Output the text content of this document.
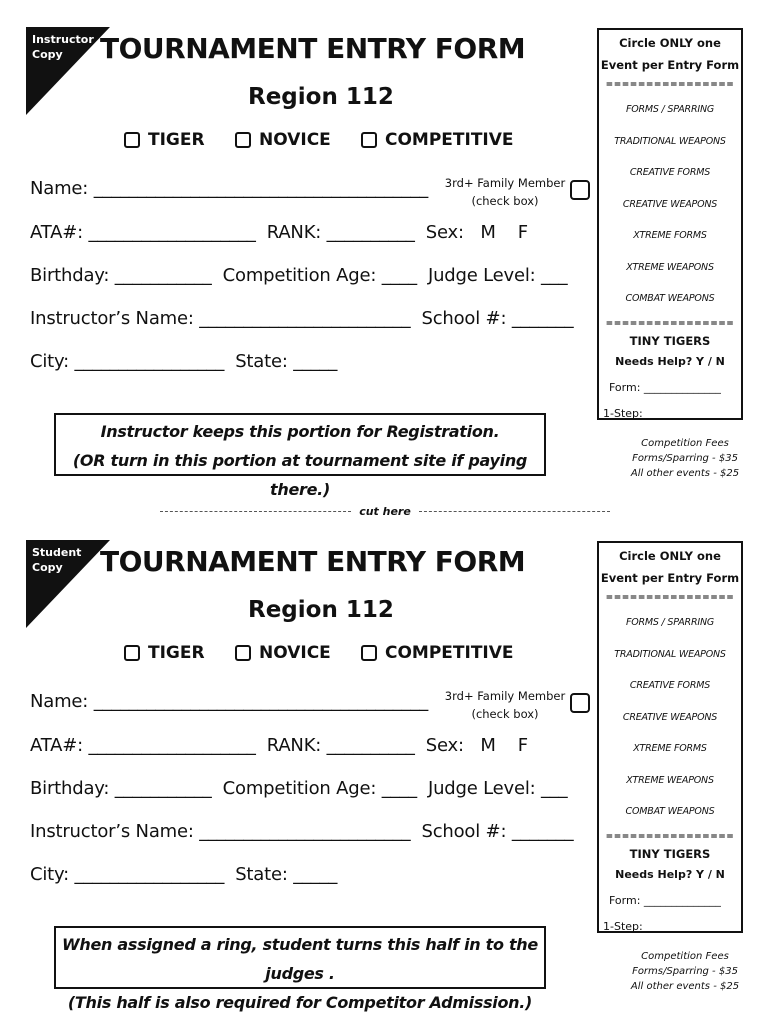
Instructor Copy	TOURNAMENT ENTRY FORM
Region 112
TIGER	NOVICE	COMPETITIVE
Name: ______________________________________	3rd+ Family Member
(check box)
ATA#: ___________________  RANK: __________  Sex:   M    F
Birthday: ___________  Competition Age: ____  Judge Level: ___
Instructor’s Name: ________________________  School #: _______
City: _________________  State: _____
Instructor keeps this portion for Registration.
(OR turn in this portion at tournament site if paying there.)
Circle ONLY one
Event per Entry Form
================
FORMS / SPARRING
TRADITIONAL WEAPONS
CREATIVE FORMS
CREATIVE WEAPONS
XTREME FORMS
XTREME WEAPONS
COMBAT WEAPONS
================
TINY TIGERS
Needs Help? Y / N
Form: ______________
1-Step: ______________
Competition Fees
Forms/Sparring - $35
All other events - $25
cut here
Student Copy	TOURNAMENT ENTRY FORM
Region 112
TIGER	NOVICE	COMPETITIVE
Name: ______________________________________	3rd+ Family Member
(check box)
ATA#: ___________________  RANK: __________  Sex:   M    F
Birthday: ___________  Competition Age: ____  Judge Level: ___
Instructor’s Name: ________________________  School #: _______
City: _________________  State: _____
When assigned a ring, student turns this half in to the judges .
(This half is also required for Competitor Admission.)
Circle ONLY one
Event per Entry Form
================
FORMS / SPARRING
TRADITIONAL WEAPONS
CREATIVE FORMS
CREATIVE WEAPONS
XTREME FORMS
XTREME WEAPONS
COMBAT WEAPONS
================
TINY TIGERS
Needs Help? Y / N
Form: ______________
1-Step: ______________
Competition Fees
Forms/Sparring - $35
All other events - $25
